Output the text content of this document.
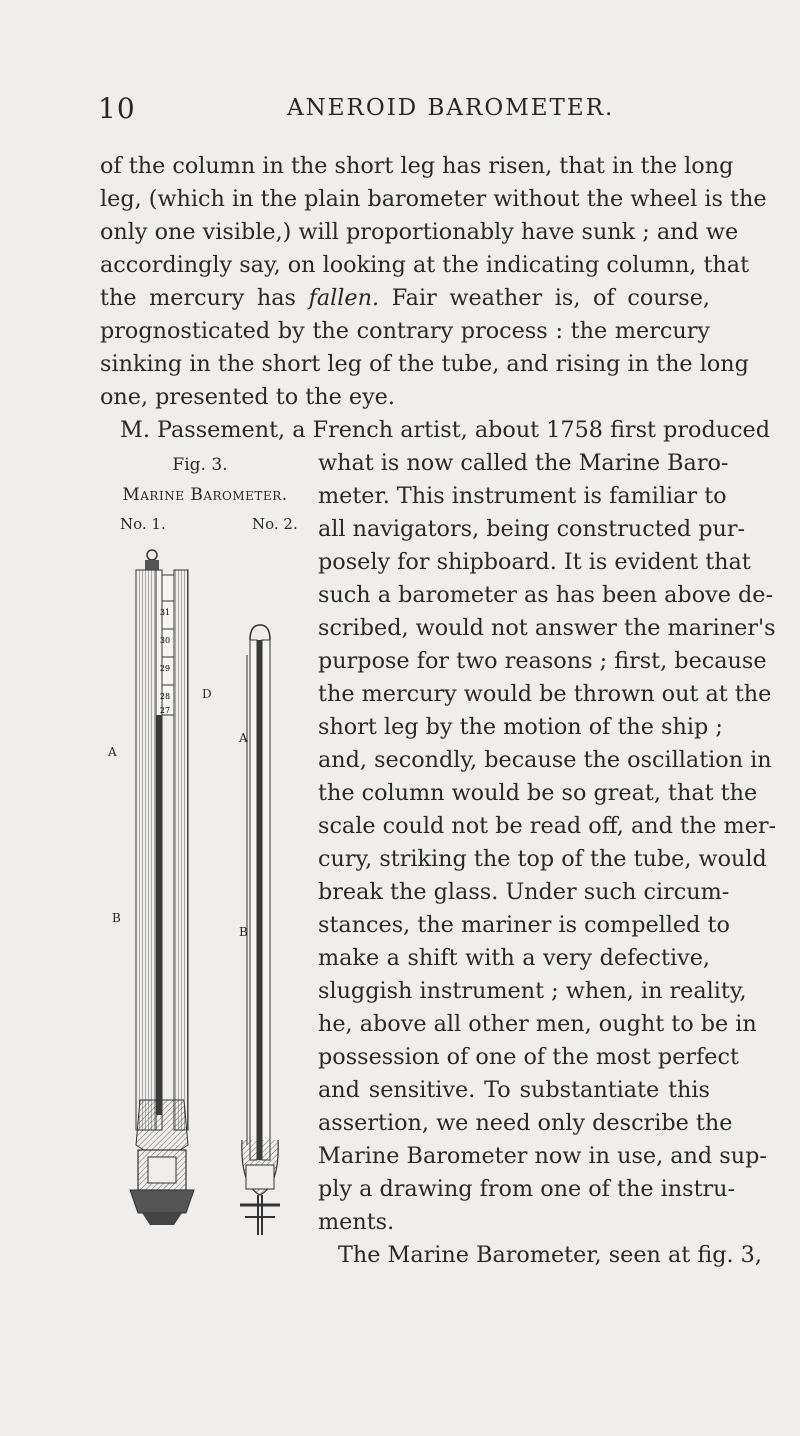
10	ANEROID BAROMETER.
of the column in the short leg has risen, that in the long
leg, (which in the plain barometer without the wheel is the
only one visible,) will proportionably have sunk ; and we
accordingly say, on looking at the indicating column, that
the mercury has fallen. Fair weather is, of course,
prognosticated by the contrary process : the mercury
sinking in the short leg of the tube, and rising in the long
one, presented to the eye.
M. Passement, a French artist, about 1758 first produced
what is now called the Marine Baro-
meter. This instrument is familiar to
all navigators, being constructed pur-
posely for shipboard. It is evident that
such a barometer as has been above de-
scribed, would not answer the mariner's
purpose for two reasons ; first, because
the mercury would be thrown out at the
short leg by the motion of the ship ;
and, secondly, because the oscillation in
the column would be so great, that the
scale could not be read off, and the mer-
cury, striking the top of the tube, would
break the glass. Under such circum-
stances, the mariner is compelled to
make a shift with a very defective,
sluggish instrument ; when, in reality,
he, above all other men, ought to be in
possession of one of the most perfect
and sensitive. To substantiate this
assertion, we need only describe the
Marine Barometer now in use, and sup-
ply a drawing from one of the instru-
ments.
The Marine Barometer, seen at fig. 3,
Fig. 3.
Marine Barometer.
No. 1.	No. 2.
31
30
29
28
27
A
B
D
A
B
